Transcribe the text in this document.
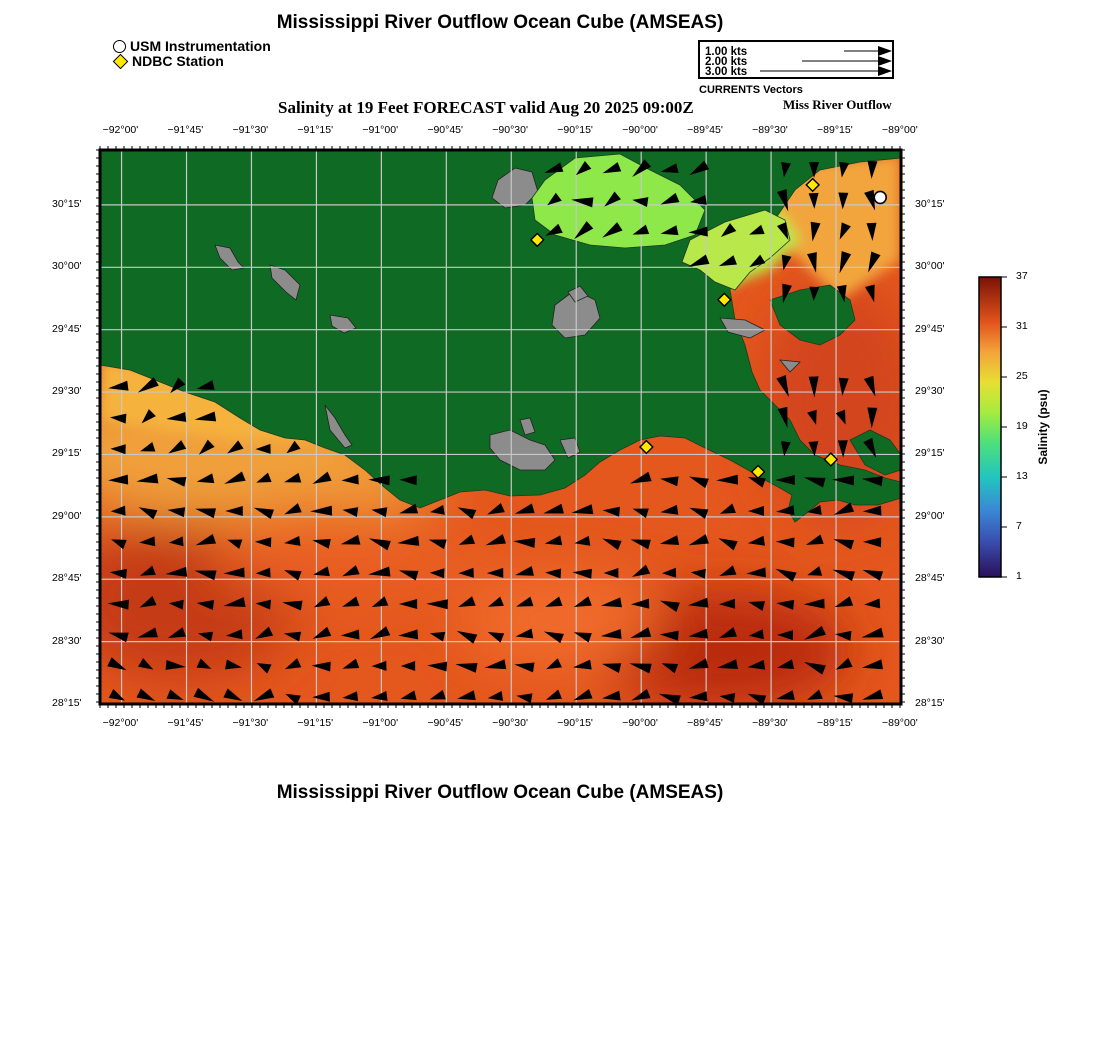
Mississippi River Outflow Ocean Cube (AMSEAS)
USM Instrumentation
NDBC Station
1.00 kts
2.00 kts
3.00 kts
CURRENTS Vectors
Salinity at 19 Feet FORECAST valid Aug 20 2025 09:00Z	Miss River Outflow
−92°00'	−91°45'	−91°30'	−91°15'	−91°00'	−90°45'	−90°30'	−90°15'	−90°00'	−89°45'	−89°30'	−89°15'	−89°00'
−92°00'	−91°45'	−91°30'	−91°15'	−91°00'	−90°45'	−90°30'	−90°15'	−90°00'	−89°45'	−89°30'	−89°15'	−89°00'
30°15'
30°00'
29°45'
29°30'
29°15'
29°00'
28°45'
28°30'
28°15'
30°15'
30°00'
29°45'
29°30'
29°15'
29°00'
28°45'
28°30'
28°15'
Salinity (psu)
37
31
25
19
13
7
1
Mississippi River Outflow Ocean Cube (AMSEAS)
